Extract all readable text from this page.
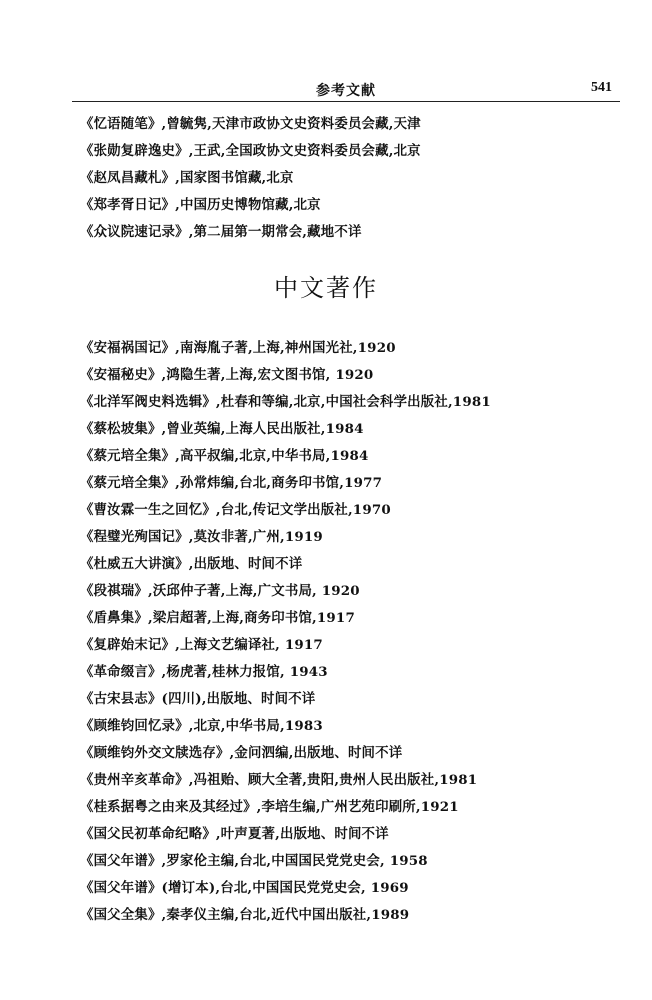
参考文献	541
《忆语随笔》,曾毓隽,天津市政协文史资料委员会藏,天津
《张勋复辟逸史》,王武,全国政协文史资料委员会藏,北京
《赵凤昌藏札》,国家图书馆藏,北京
《郑孝胥日记》,中国历史博物馆藏,北京
《众议院速记录》,第二届第一期常会,藏地不详
中文著作
《安福祸国记》,南海胤子著,上海,神州国光社,1920
《安福秘史》,鸿隐生著,上海,宏文图书馆, 1920
《北洋军阀史料选辑》,杜春和等编,北京,中国社会科学出版社,1981
《蔡松坡集》,曾业英编,上海人民出版社,1984
《蔡元培全集》,高平叔编,北京,中华书局,1984
《蔡元培全集》,孙常炜编,台北,商务印书馆,1977
《曹汝霖一生之回忆》,台北,传记文学出版社,1970
《程璧光殉国记》,莫汝非著,广州,1919
《杜威五大讲演》,出版地、时间不详
《段祺瑞》,沃邱仲子著,上海,广文书局, 1920
《盾鼻集》,梁启超著,上海,商务印书馆,1917
《复辟始末记》,上海文艺编译社, 1917
《革命缀言》,杨虎著,桂林力报馆, 1943
《古宋县志》(四川),出版地、时间不详
《顾维钧回忆录》,北京,中华书局,1983
《顾维钧外交文牍选存》,金问泗编,出版地、时间不详
《贵州辛亥革命》,冯祖贻、顾大全著,贵阳,贵州人民出版社,1981
《桂系据粤之由来及其经过》,李培生编,广州艺苑印刷所,1921
《国父民初革命纪略》,叶声夏著,出版地、时间不详
《国父年谱》,罗家伦主编,台北,中国国民党党史会, 1958
《国父年谱》(增订本),台北,中国国民党党史会, 1969
《国父全集》,秦孝仪主编,台北,近代中国出版社,1989
